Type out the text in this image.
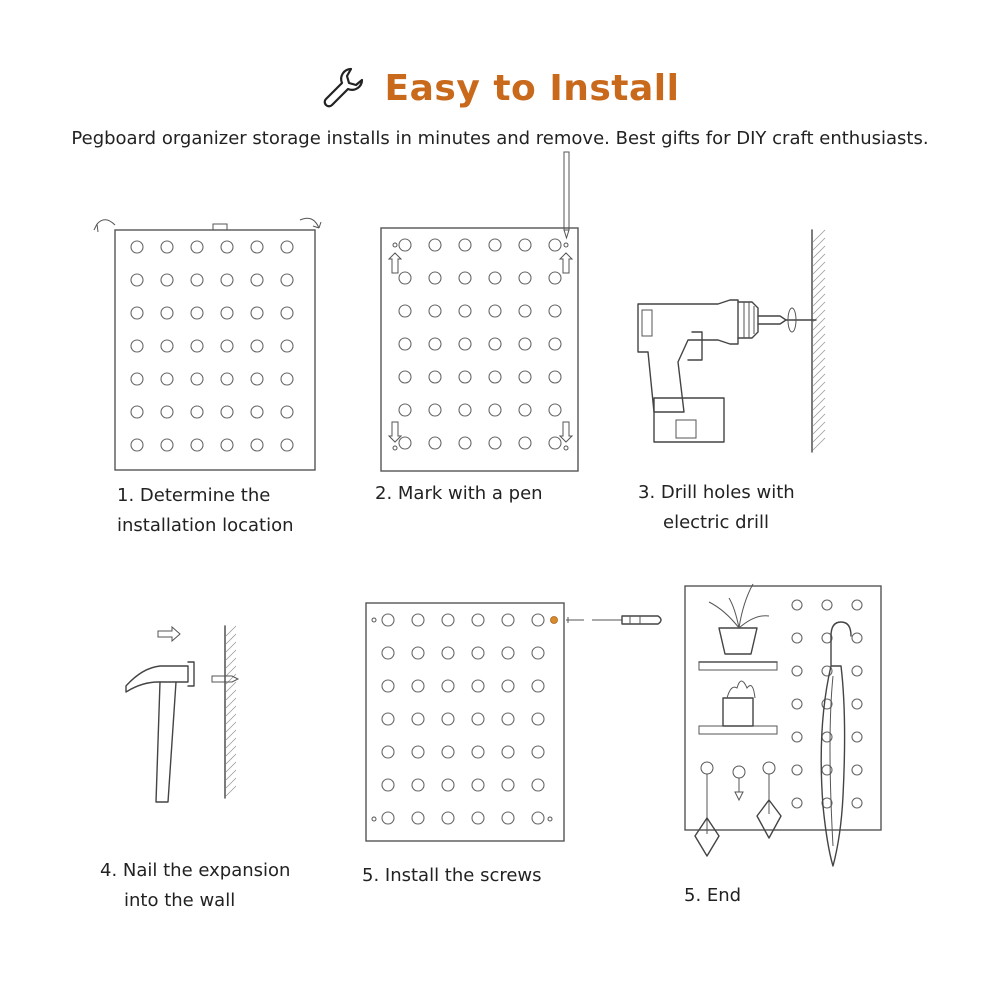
Easy to Install
Pegboard organizer storage installs in minutes and remove. Best gifts for DIY craft enthusiasts.
1. Determine the
installation location
2. Mark with a pen	3. Drill holes with
electric drill
4. Nail the expansion
into the wall
5. Install the screws
5. End
